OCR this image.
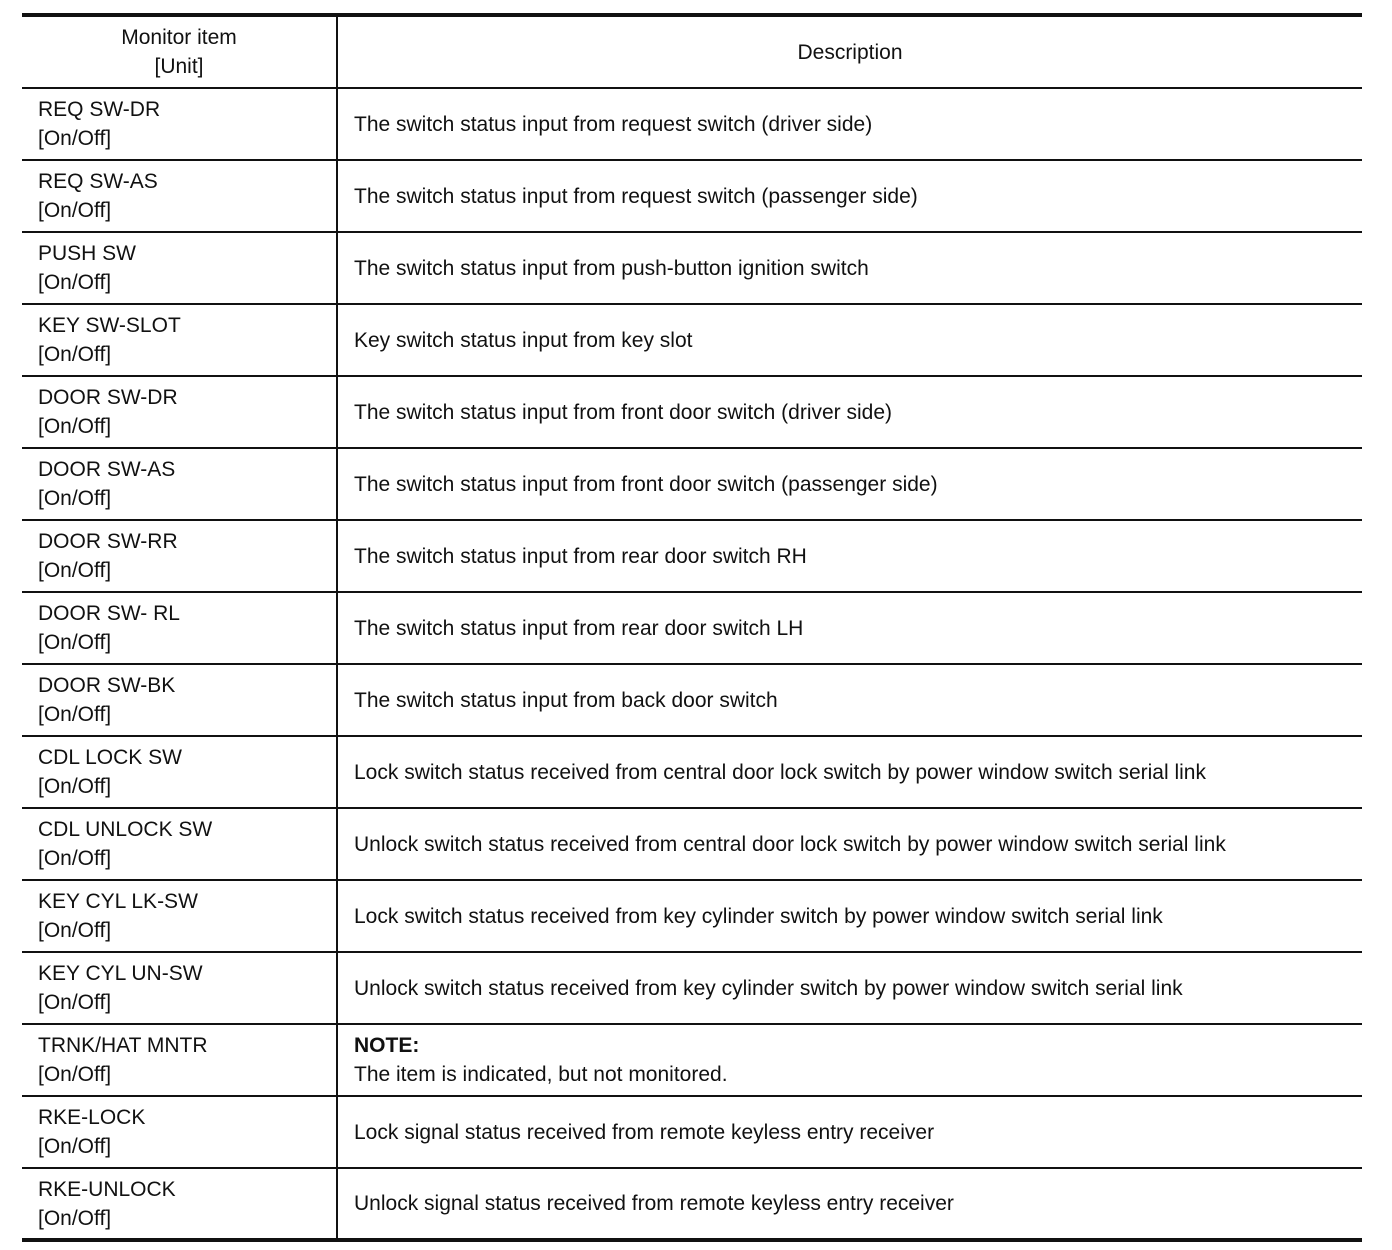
Monitor item
[Unit]	Description

REQ SW-DR
[On/Off]	The switch status input from request switch (driver side)

REQ SW-AS
[On/Off]	The switch status input from request switch (passenger side)

PUSH SW
[On/Off]	The switch status input from push-button ignition switch

KEY SW-SLOT
[On/Off]	Key switch status input from key slot

DOOR SW-DR
[On/Off]	The switch status input from front door switch (driver side)

DOOR SW-AS
[On/Off]	The switch status input from front door switch (passenger side)

DOOR SW-RR
[On/Off]	The switch status input from rear door switch RH

DOOR SW- RL
[On/Off]	The switch status input from rear door switch LH

DOOR SW-BK
[On/Off]	The switch status input from back door switch

CDL LOCK SW
[On/Off]	Lock switch status received from central door lock switch by power window switch serial link

CDL UNLOCK SW
[On/Off]	Unlock switch status received from central door lock switch by power window switch serial link

KEY CYL LK-SW
[On/Off]	Lock switch status received from key cylinder switch by power window switch serial link

KEY CYL UN-SW
[On/Off]	Unlock switch status received from key cylinder switch by power window switch serial link

TRNK/HAT MNTR
[On/Off]	NOTE:
The item is indicated, but not monitored.

RKE-LOCK
[On/Off]	Lock signal status received from remote keyless entry receiver

RKE-UNLOCK
[On/Off]	Unlock signal status received from remote keyless entry receiver
